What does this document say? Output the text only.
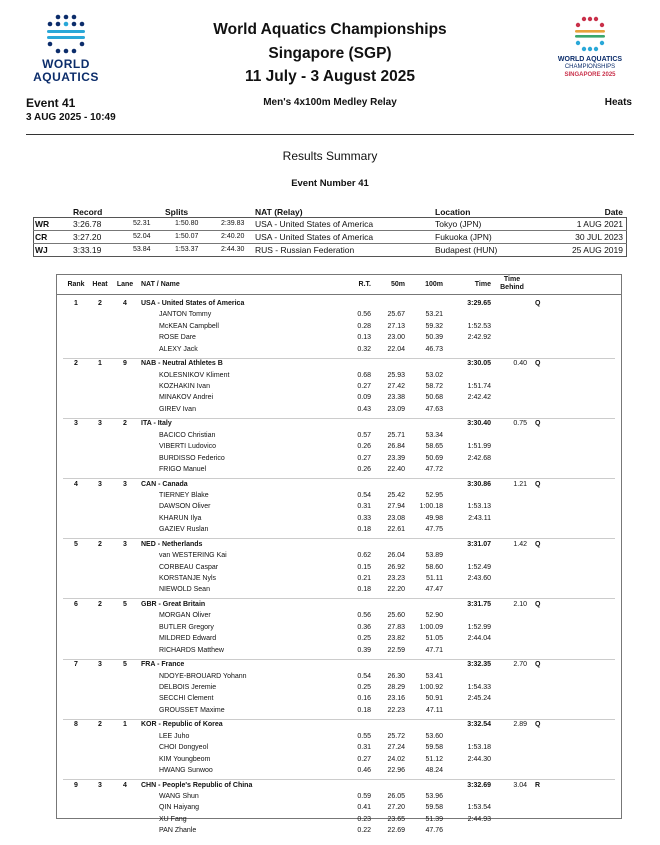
WORLD
AQUATICS
WORLD AQUATICS
CHAMPIONSHIPS
SINGAPORE 2025
World Aquatics Championships
Singapore (SGP)
11 July - 3 August 2025
Event 41
3 AUG 2025 - 10:49
Men's 4x100m Medley Relay	Heats
Results Summary
Event Number 41
Record	Splits	NAT (Relay)	Location	Date
WR	3:26.78	52.31	1:50.80	2:39.83 USA - United States of America	Tokyo (JPN)	1 AUG 2021
CR	3:27.20	52.04	1:50.07	2:40.20 USA - United States of America	Fukuoka (JPN)	30 JUL 2023
WJ	3:33.19	53.84	1:53.37	2:44.30 RUS - Russian Federation	Budapest (HUN)	25 AUG 2019
Rank	Heat	Lane	NAT / Name	R.T.	50m	100m	Time
Time
Behind
1	2	4	USA - United States of America	3:29.65	Q
JANTON Tommy	0.56	25.67	53.21
McKEAN Campbell	0.28	27.13	59.32	1:52.53
ROSE Dare	0.13	23.00	50.39	2:42.92
ALEXY Jack	0.32	22.04	46.73
2	1	9	NAB - Neutral Athletes B	3:30.05	0.40 Q
KOLESNIKOV Kliment	0.68	25.93	53.02
KOZHAKIN Ivan	0.27	27.42	58.72	1:51.74
MINAKOV Andrei	0.09	23.38	50.68	2:42.42
GIREV Ivan	0.43	23.09	47.63
3	3	2	ITA - Italy	3:30.40	0.75 Q
BACICO Christian	0.57	25.71	53.34
VIBERTI Ludovico	0.26	26.84	58.65	1:51.99
BURDISSO Federico	0.27	23.39	50.69	2:42.68
FRIGO Manuel	0.26	22.40	47.72
4	3	3	CAN - Canada	3:30.86	1.21 Q
TIERNEY Blake	0.54	25.42	52.95
DAWSON Oliver	0.31	27.94	1:00.18	1:53.13
KHARUN Ilya	0.33	23.08	49.98	2:43.11
GAZIEV Ruslan	0.18	22.61	47.75
5	2	3	NED - Netherlands	3:31.07	1.42 Q
van WESTERING Kai	0.62	26.04	53.89
CORBEAU Caspar	0.15	26.92	58.60	1:52.49
KORSTANJE Nyls	0.21	23.23	51.11	2:43.60
NIEWOLD Sean	0.18	22.20	47.47
6	2	5	GBR - Great Britain	3:31.75	2.10 Q
MORGAN Oliver	0.56	25.60	52.90
BUTLER Gregory	0.36	27.83	1:00.09	1:52.99
MILDRED Edward	0.25	23.82	51.05	2:44.04
RICHARDS Matthew	0.39	22.59	47.71
7	3	5	FRA - France	3:32.35	2.70 Q
NDOYE-BROUARD Yohann	0.54	26.30	53.41
DELBOIS Jeremie	0.25	28.29	1:00.92	1:54.33
SECCHI Clement	0.16	23.16	50.91	2:45.24
GROUSSET Maxime	0.18	22.23	47.11
8	2	1	KOR - Republic of Korea	3:32.54	2.89 Q
LEE Juho	0.55	25.72	53.60
CHOI Dongyeol	0.31	27.24	59.58	1:53.18
KIM Youngbeom	0.27	24.02	51.12	2:44.30
HWANG Sunwoo	0.46	22.96	48.24
9	3	4	CHN - People's Republic of China	3:32.69	3.04 R
WANG Shun	0.59	26.05	53.96
QIN Haiyang	0.41	27.20	59.58	1:53.54
XU Fang	0.23	23.65	51.39	2:44.93
PAN Zhanle	0.22	22.69	47.76
